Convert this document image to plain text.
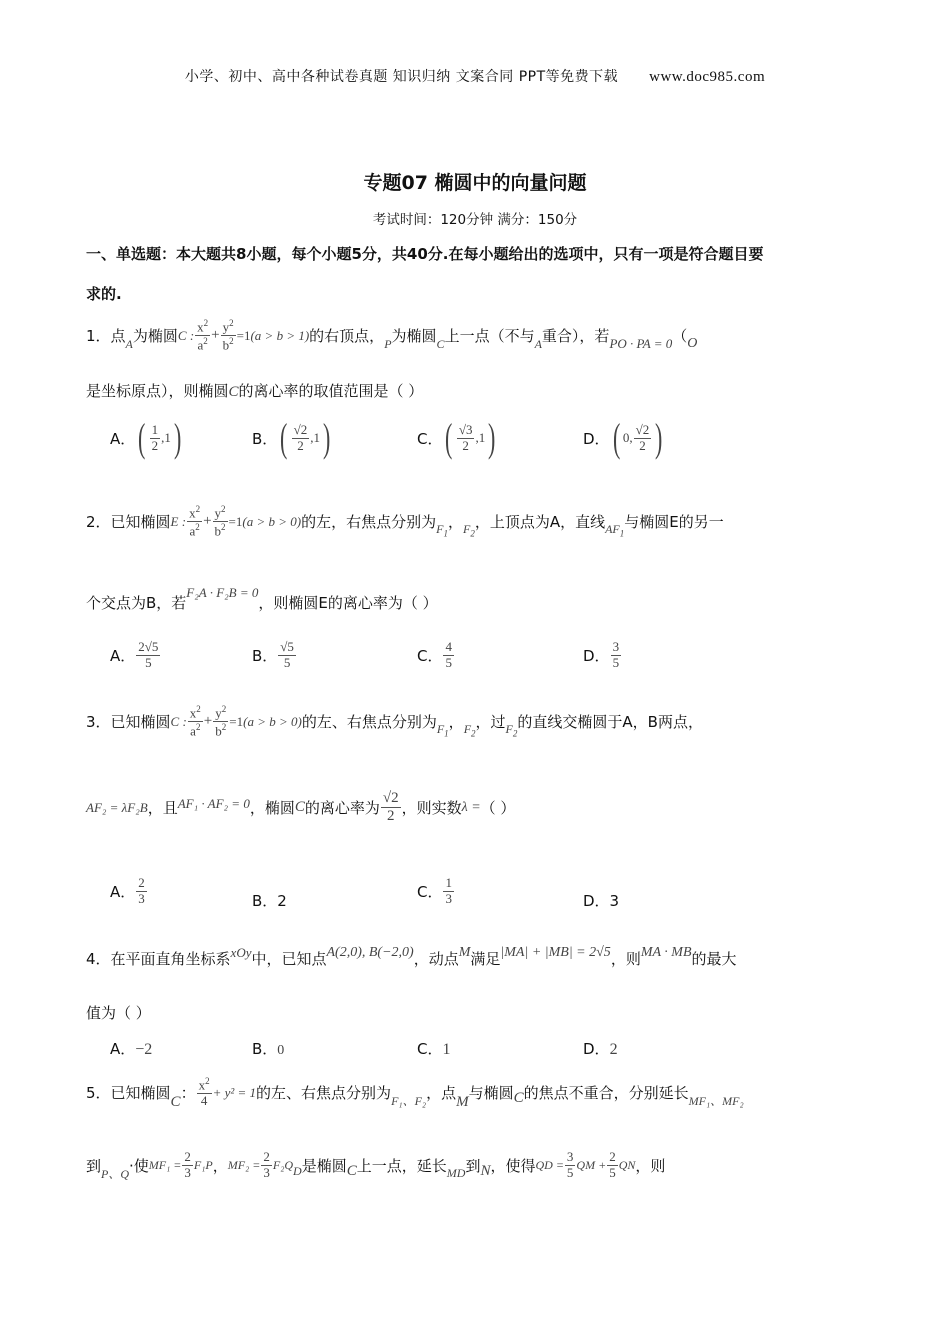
小学、初中、高中各种试卷真题 知识归纳 文案合同 PPT等免费下载 www.doc985.com
专题07 椭圆中的向量问题
考试时间：120分钟 满分：150分
一、单选题：本大题共8小题，每个小题5分，共40分.在每小题给出的选项中，只有一项是符合题目要
求的.
1．点 A 为椭圆 C : $\frac{x^2}{a^2} + \frac{y^2}{b^2} =1$ (a > b > 1) 的右顶点， P 为椭圆 C 上一点（不与 A 重合），若 PO · PA = 0 （ O
是坐标原点），则椭圆C的离心率的取值范围是（ ）
A． ( $\frac{1}{2} ,1$ )	B． ( $\frac{√2}{2} ,1$ )	C． ( $\frac{√3}{2} ,1$ )	D． ( 0, $\frac{√2}{2}$ )
2．已知椭圆 E : $\frac{x^2}{a^2} + \frac{y^2}{b^2} =1$ (a > b > 0) 的左，右焦点分别为 $F_1$
， $F_2$
，上顶点为A，直线 $AF_1$
与椭圆E的另一
个交点为B，若
F₂A · F₂B = 0
，则椭圆E的离心率为（ ）
A． $\frac{2√5}{5}$	B． $\frac{√5}{5}$	C． $\frac{4}{5}$	D． $\frac{3}{5}$
3．已知椭圆 C : $\frac{x^2}{a^2} + \frac{y^2}{b^2} =1$ (a > b > 0) 的左、右焦点分别为 $F_1$
， $F_2$
，过 $F_2$
的直线交椭圆于A，B两点，
AF₂ = λF₂B ，且 AF₁ · AF₂ = 0 ，椭圆 C 的离心率为 $\frac{√2}{2}$ ，则实数 λ = （ ）
A． $\frac{2}{3}$	B．2
C． $\frac{1}{3}$	D．3
4．在平面直角坐标系 xOy 中，已知点 A(2,0), B(−2,0) ，动点 M 满足 |MA| + |MB| = 2√5 ，则 MA · MB 的最大
值为（ ）
A．−2	B．0	C．1	D．2
5．已知椭圆 C ： $\frac{x^2}{4} + y^2 = 1$ 的左、右焦点分别为 F₁、F₂ ，点 M 与椭圆 C 的焦点不重合，分别延长 MF₁、MF₂
到 P、Q ·使 $MF_1 = \frac{2}{3} F_1P$ ， $MF_2 = \frac{2}{3} F_2Q$ D 是椭圆 C 上一点，延长 MD 到 N ，使得 QD = $\frac{3}{5}$ QM + $\frac{2}{5}$ QN ，则
